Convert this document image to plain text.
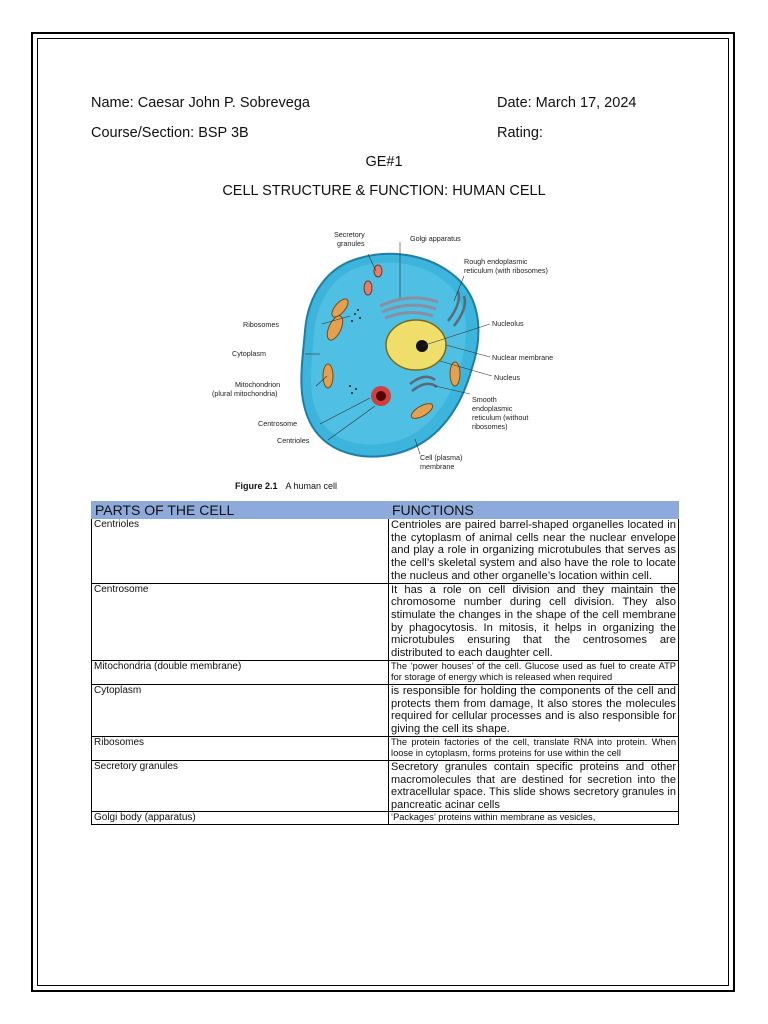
Name: Caesar John P. Sobrevega	Date: March 17, 2024
Course/Section: BSP 3B	Rating:
GE#1
CELL STRUCTURE & FUNCTION: HUMAN CELL
Secretory
granules
Golgi apparatus
Rough endoplasmic
reticulum (with ribosomes)
Ribosomes
Cytoplasm
Mitochondrion
(plural mitochondria)
Centrosome
Centrioles
Nucleolus
Nuclear membrane
Nucleus
Smooth
endoplasmic
reticulum (without
ribosomes)
Cell (plasma)
membrane
Figure 2.1 A human cell
PARTS OF THE CELL	FUNCTIONS
Centrioles	Centrioles are paired barrel-shaped organelles located in the cytoplasm of animal cells near the nuclear envelope and play a role in organizing microtubules that serves as the cell’s skeletal system and also have the role to locate the nucleus and other organelle’s location within cell.
Centrosome	It has a role on cell division and they maintain the chromosome number during cell division. They also stimulate the changes in the shape of the cell membrane by phagocytosis. In mitosis, it helps in organizing the microtubules ensuring that the centrosomes are distributed to each daughter cell.
Mitochondria (double membrane)	The ‘power houses’ of the cell. Glucose used as fuel to create ATP for storage of energy which is released when required
Cytoplasm	is responsible for holding the components of the cell and protects them from damage, It also stores the molecules required for cellular processes and is also responsible for giving the cell its shape.
Ribosomes	The protein factories of the cell, translate RNA into protein. When loose in cytoplasm, forms proteins for use within the cell
Secretory granules	Secretory granules contain specific proteins and other macromolecules that are destined for secretion into the extracellular space. This slide shows secretory granules in pancreatic acinar cells
Golgi body (apparatus)	‘Packages’ proteins within membrane as vesicles,
